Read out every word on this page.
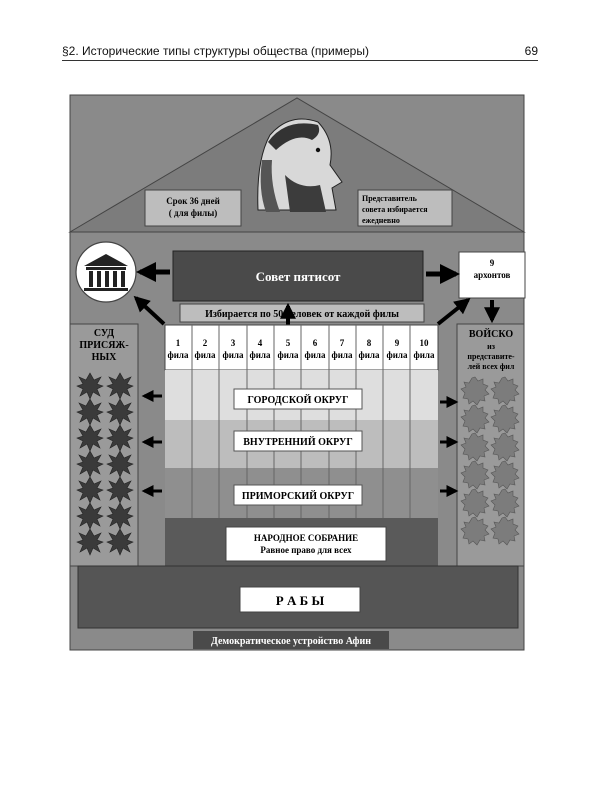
§2. Исторические типы структуры общества (примеры)	69
Срок 36 дней
( для филы)
Представитель
совета избирается
ежедневно
Совет пятисот
9
архонтов
Избирается по 50 человек от каждой филы
СУД
ПРИСЯЖ-
НЫХ
ВОЙСКО
из
представите-
лей всех фил
1
фила
2
фила
3
фила
4
фила
5
фила
6
фила
7
фила
8
фила
9
фила
10
фила
ГОРОДСКОЙ ОКРУГ
ВНУТРЕННИЙ ОКРУГ
ПРИМОРСКИЙ ОКРУГ
НАРОДНОЕ СОБРАНИЕ
Равное право для всех
Р А Б Ы
Демократическое устройство Афин
